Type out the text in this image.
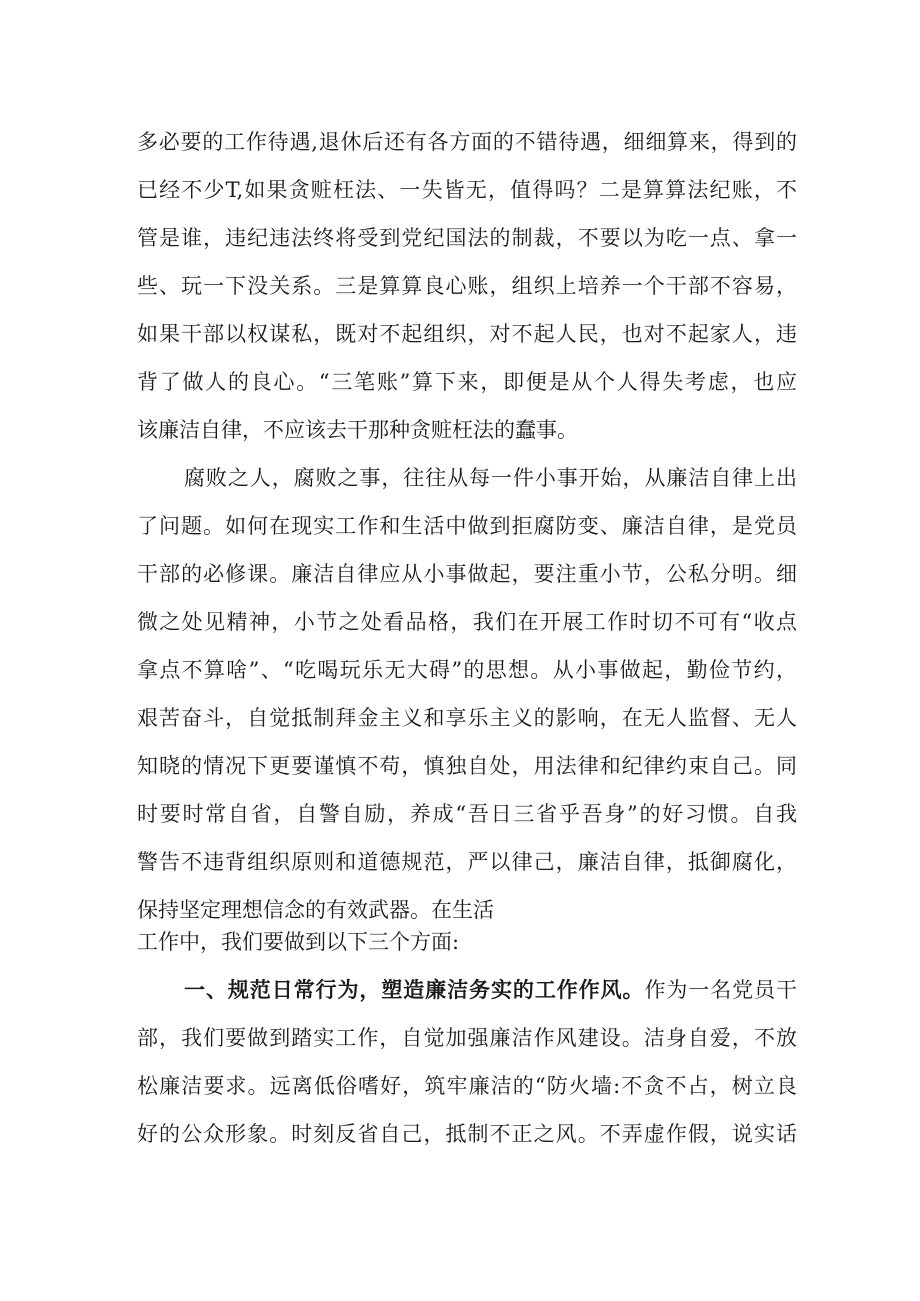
多必要的工作待遇,退休后还有各方面的不错待遇，细细算来，得到的

已经不少T,如果贪赃枉法、一失皆无，值得吗？二是算算法纪账，不

管是谁，违纪违法终将受到党纪国法的制裁，不要以为吃一点、拿一

些、玩一下没关系。三是算算良心账，组织上培养一个干部不容易，

如果干部以权谋私，既对不起组织，对不起人民，也对不起家人，违

背了做人的良心。“三笔账”算下来，即便是从个人得失考虑，也应

该廉洁自律，不应该去干那种贪赃枉法的蠢事。

腐败之人，腐败之事，往往从每一件小事开始，从廉洁自律上出

了问题。如何在现实工作和生活中做到拒腐防变、廉洁自律，是党员

干部的必修课。廉洁自律应从小事做起，要注重小节，公私分明。细

微之处见精神，小节之处看品格，我们在开展工作时切不可有“收点

拿点不算啥”、“吃喝玩乐无大碍”的思想。从小事做起，勤俭节约，

艰苦奋斗，自觉抵制拜金主义和享乐主义的影响，在无人监督、无人

知晓的情况下更要谨慎不苟，慎独自处，用法律和纪律约束自己。同

时要时常自省，自警自励，养成“吾日三省乎吾身”的好习惯。自我

警告不违背组织原则和道德规范，严以律己，廉洁自律，抵御腐化，

保持坚定理想信念的有效武器。在生活

工作中，我们要做到以下三个方面:

一、规范日常行为，塑造廉洁务实的工作作风。作为一名党员干

部，我们要做到踏实工作，自觉加强廉洁作风建设。洁身自爱，不放

松廉洁要求。远离低俗嗜好，筑牢廉洁的“防火墙:不贪不占，树立良

好的公众形象。时刻反省自己，抵制不正之风。不弄虚作假，说实话
